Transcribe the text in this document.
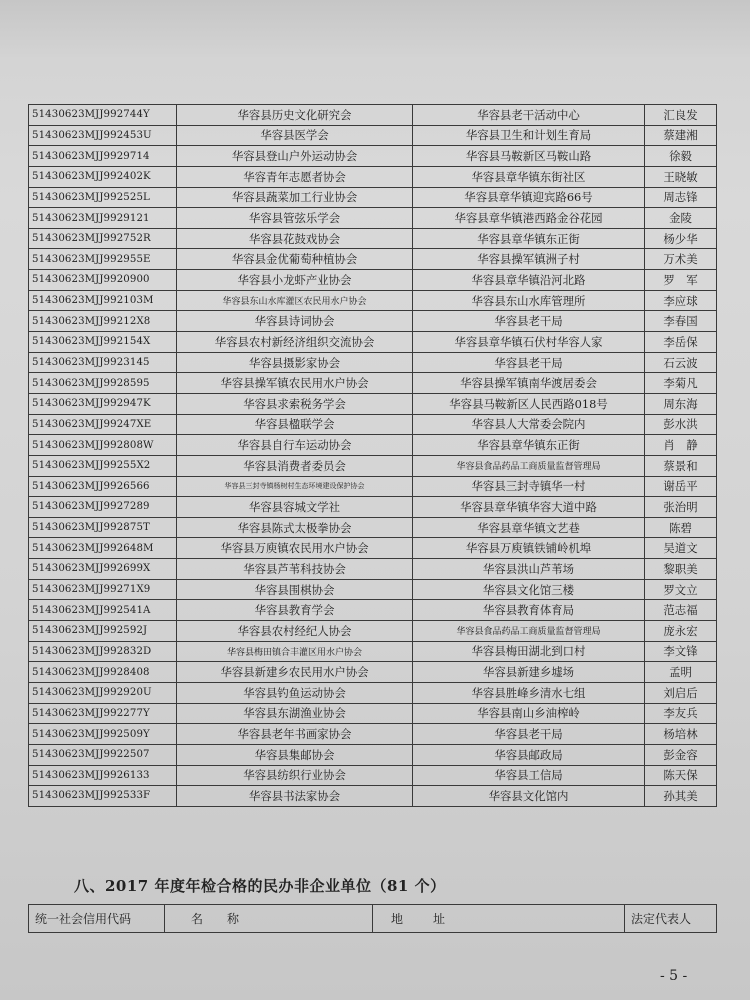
51430623MJJ992744Y	华容县历史文化研究会	华容县老干活动中心	汇良发
51430623MJJ992453U	华容县医学会	华容县卫生和计划生育局	蔡建湘
51430623MJJ9929714	华容县登山户外运动协会	华容县马鞍新区马鞍山路	徐毅
51430623MJJ992402K	华容青年志愿者协会	华容县章华镇东街社区	王晓敏
51430623MJJ992525L	华容县蔬菜加工行业协会	华容县章华镇迎宾路66号	周志锋
51430623MJJ9929121	华容县管弦乐学会	华容县章华镇港西路金谷花园	金陵
51430623MJJ992752R	华容县花鼓戏协会	华容县章华镇东正街	杨少华
51430623MJJ992955E	华容县金优葡萄种植协会	华容县操军镇洲子村	万术美
51430623MJJ9920900	华容县小龙虾产业协会	华容县章华镇沿河北路	罗　军
51430623MJJ992103M	华容县东山水库灌区农民用水户协会	华容县东山水库管理所	李应球
51430623MJJ99212X8	华容县诗词协会	华容县老干局	李春国
51430623MJJ992154X	华容县农村新经济组织交流协会	华容县章华镇石伏村华容人家	李岳保
51430623MJJ9923145	华容县摄影家协会	华容县老干局	石云波
51430623MJJ9928595	华容县操军镇农民用水户协会	华容县操军镇南华渡居委会	李菊凡
51430623MJJ992947K	华容县求索税务学会	华容县马鞍新区人民西路018号	周东海
51430623MJJ99247XE	华容县楹联学会	华容县人大常委会院内	彭水洪
51430623MJJ992808W	华容县自行车运动协会	华容县章华镇东正街	肖　静
51430623MJJ99255X2	华容县消费者委员会	华容县食品药品工商质量监督管理局	蔡景和
51430623MJJ9926566	华容县三封寺镇杨树村生态环境建设保护协会	华容县三封寺镇华一村	谢岳平
51430623MJJ9927289	华容县容城文学社	华容县章华镇华容大道中路	张治明
51430623MJJ992875T	华容县陈式太极拳协会	华容县章华镇文艺巷	陈碧
51430623MJJ992648M	华容县万庾镇农民用水户协会	华容县万庾镇铁铺岭机埠	吴道文
51430623MJJ992699X	华容县芦苇科技协会	华容县洪山芦苇场	黎职美
51430623MJJ99271X9	华容县围棋协会	华容县文化馆三楼	罗文立
51430623MJJ992541A	华容县教育学会	华容县教育体育局	范志福
51430623MJJ992592J	华容县农村经纪人协会	华容县食品药品工商质量监督管理局	庞永宏
51430623MJJ992832D	华容县梅田镇合丰灌区用水户协会	华容县梅田湖北到口村	李文锋
51430623MJJ9928408	华容县新建乡农民用水户协会	华容县新建乡墟场	孟明
51430623MJJ992920U	华容县钓鱼运动协会	华容县胜峰乡清水七组	刘启后
51430623MJJ992277Y	华容县东湖渔业协会	华容县南山乡油榨岭	李友兵
51430623MJJ992509Y	华容县老年书画家协会	华容县老干局	杨培林
51430623MJJ9922507	华容县集邮协会	华容县邮政局	彭金容
51430623MJJ9926133	华容县纺织行业协会	华容县工信局	陈天保
51430623MJJ992533F	华容县书法家协会	华容县文化馆内	孙其美
八、2017 年度年检合格的民办非企业单位（81 个）
统一社会信用代码	名称	地址	法定代表人
- 5 -
